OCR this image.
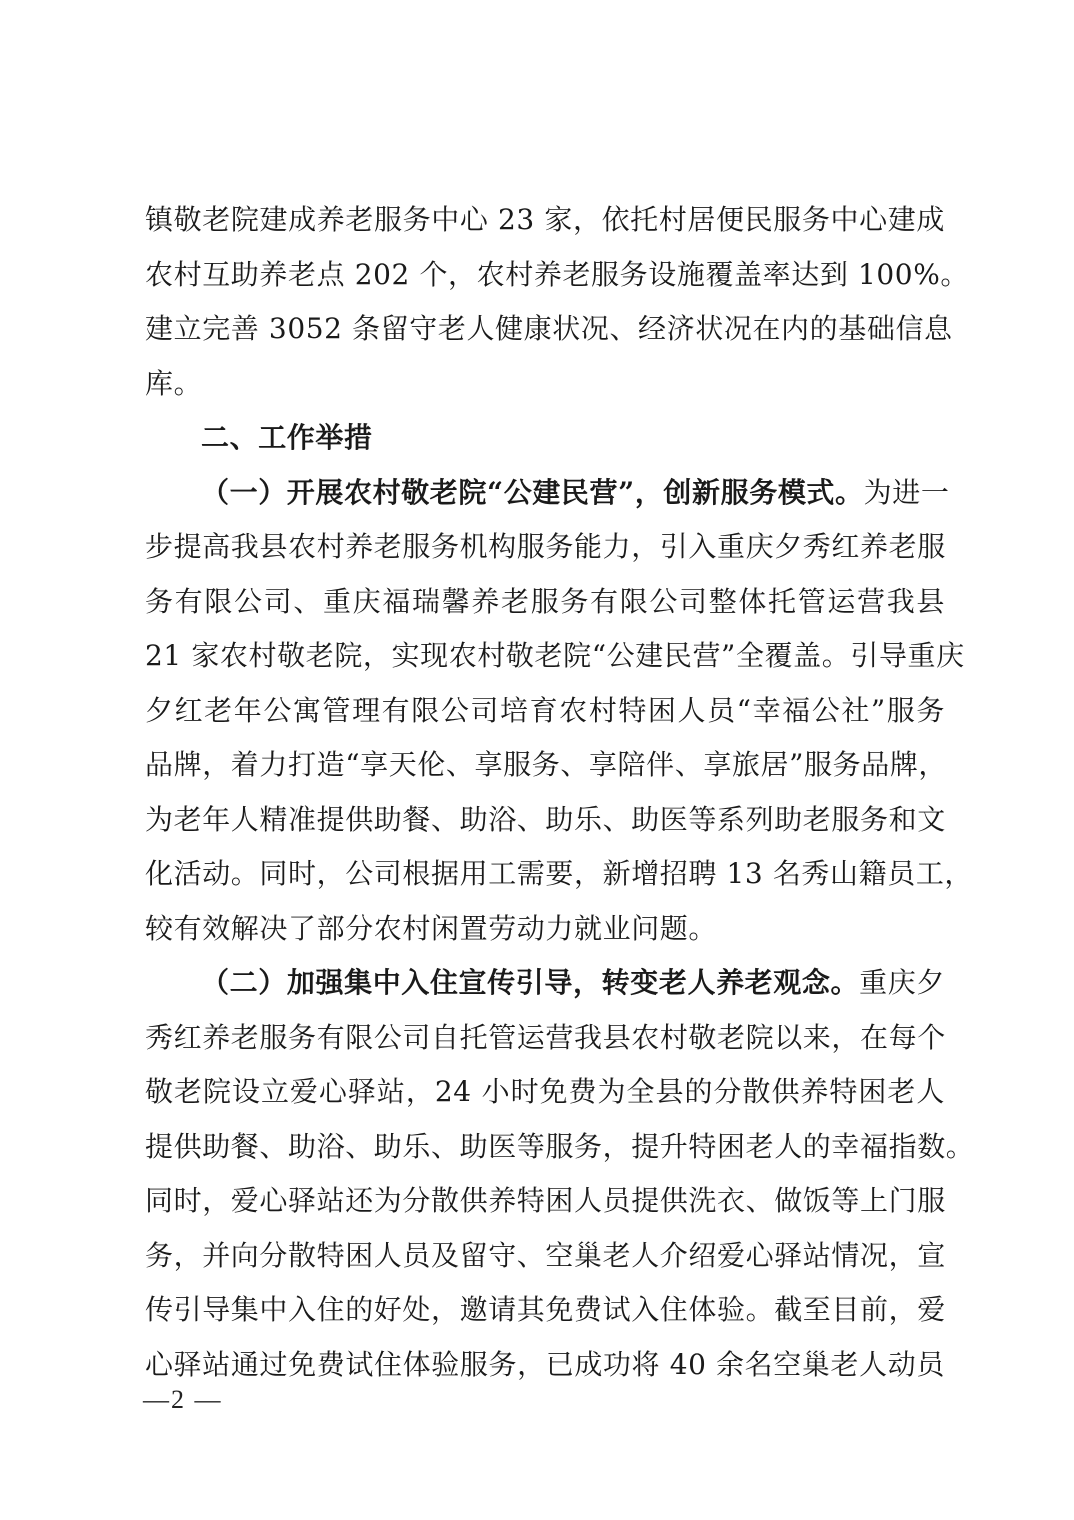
镇敬老院建成养老服务中心 23 家，依托村居便民服务中心建成
农村互助养老点 202 个，农村养老服务设施覆盖率达到 100%。
建立完善 3052 条留守老人健康状况、经济状况在内的基础信息
库。
二、工作举措
（一）开展农村敬老院“公建民营”，创新服务模式。为进一
步提高我县农村养老服务机构服务能力，引入重庆夕秀红养老服
务有限公司、重庆福瑞馨养老服务有限公司整体托管运营我县
21 家农村敬老院，实现农村敬老院“公建民营”全覆盖。引导重庆
夕红老年公寓管理有限公司培育农村特困人员“幸福公社”服务
品牌，着力打造“享天伦、享服务、享陪伴、享旅居”服务品牌，
为老年人精准提供助餐、助浴、助乐、助医等系列助老服务和文
化活动。同时，公司根据用工需要，新增招聘 13 名秀山籍员工，
较有效解决了部分农村闲置劳动力就业问题。
（二）加强集中入住宣传引导，转变老人养老观念。重庆夕
秀红养老服务有限公司自托管运营我县农村敬老院以来，在每个
敬老院设立爱心驿站，24 小时免费为全县的分散供养特困老人
提供助餐、助浴、助乐、助医等服务，提升特困老人的幸福指数。
同时，爱心驿站还为分散供养特困人员提供洗衣、做饭等上门服
务，并向分散特困人员及留守、空巢老人介绍爱心驿站情况，宣
传引导集中入住的好处，邀请其免费试入住体验。截至目前，爱
心驿站通过免费试住体验服务，已成功将 40 余名空巢老人动员
—2 —
